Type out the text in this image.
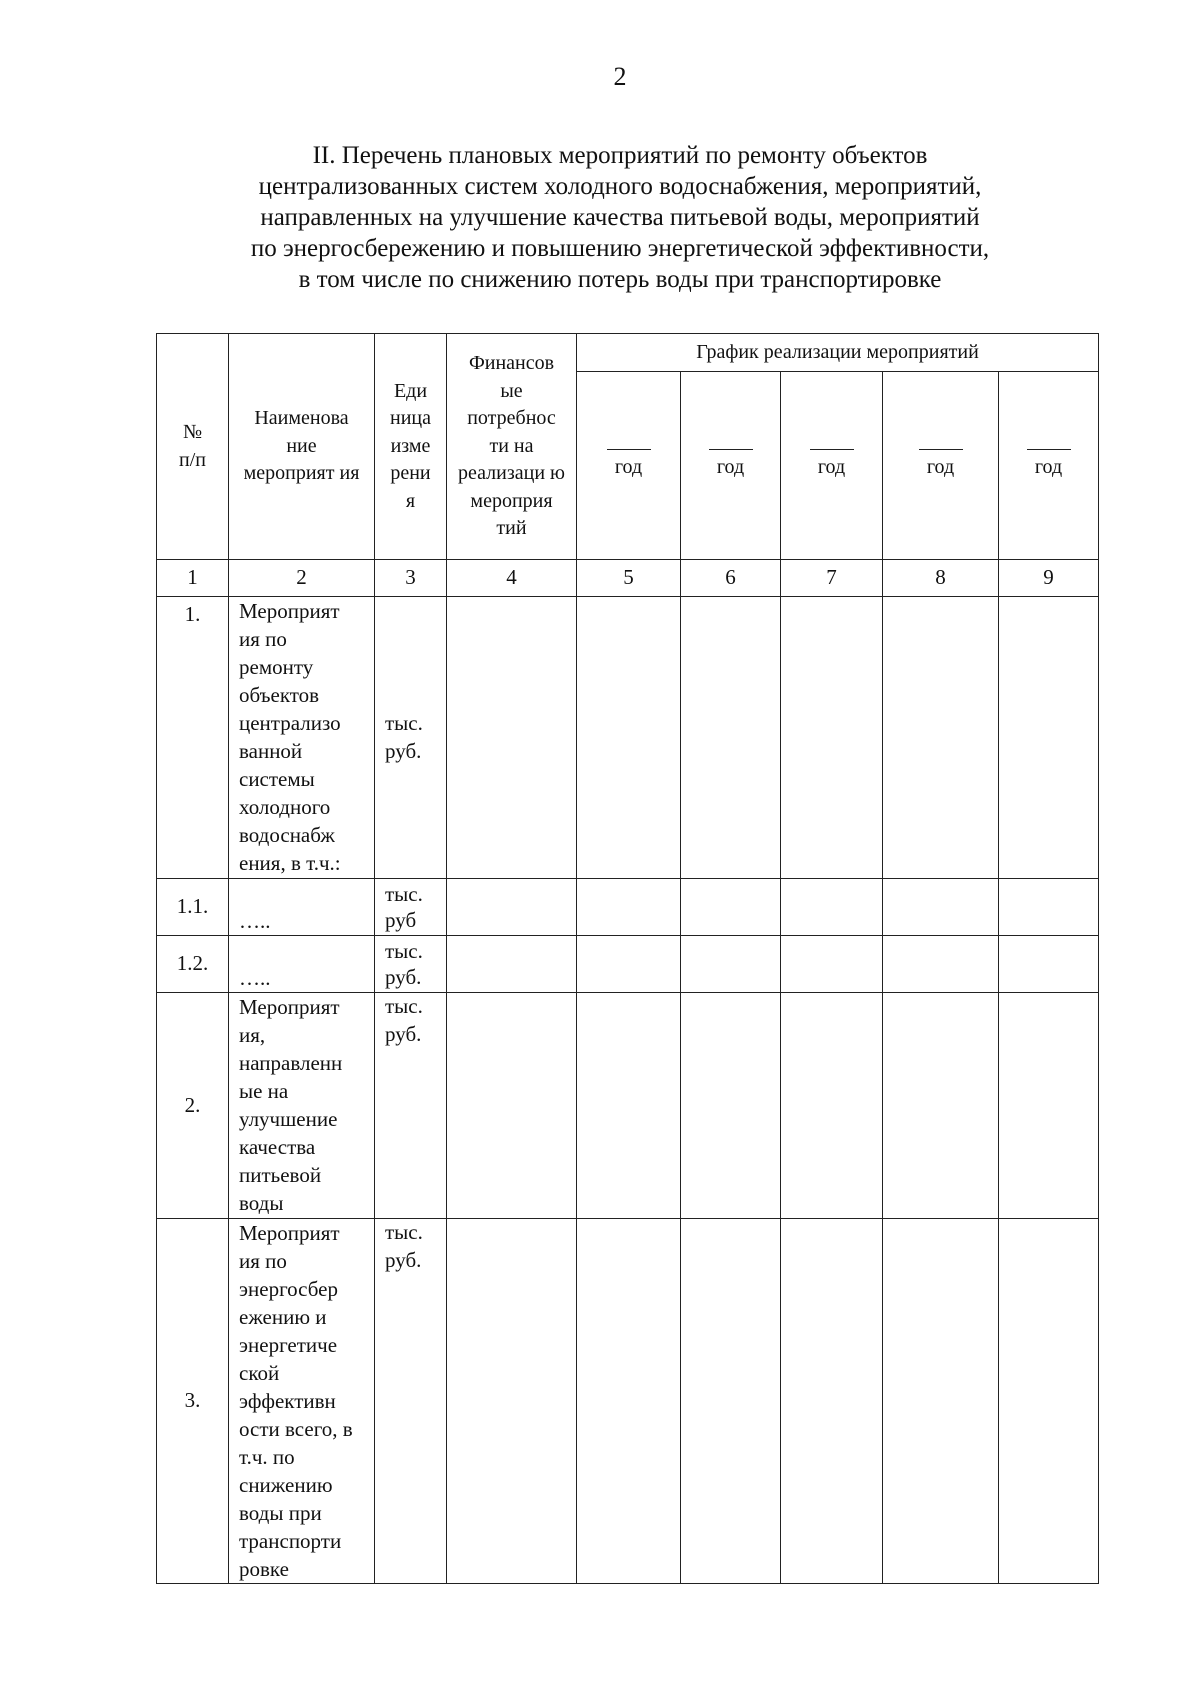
2
II. Перечень плановых мероприятий по ремонту объектов
централизованных систем холодного водоснабжения, мероприятий,
направленных на улучшение качества питьевой воды, мероприятий
по энергосбережению и повышению энергетической эффективности,
в том числе по снижению потерь воды при транспортировке
№ п/п	Наименова ние мероприят ия	Еди ница изме рени я	Финансов ые потребнос ти на реализаци ю мероприя тий	График реализации мероприятий				

год	год	год	год	год
1	2	3	4	5	6	7	8	9
1.	Мероприят ия по ремонту объектов централизо ванной системы холодного водоснабж ения, в т.ч.:	тыс. руб.						

1.1.	…..	тыс. руб						

1.2.	…..	тыс. руб.						

2.	Мероприят ия, направленн ые на улучшение качества питьевой воды	тыс. руб.						

3.	Мероприят ия по энергосбер ежению и энергетиче ской эффективн ости всего, в т.ч. по снижению воды при транспорти ровке	тыс. руб.						
